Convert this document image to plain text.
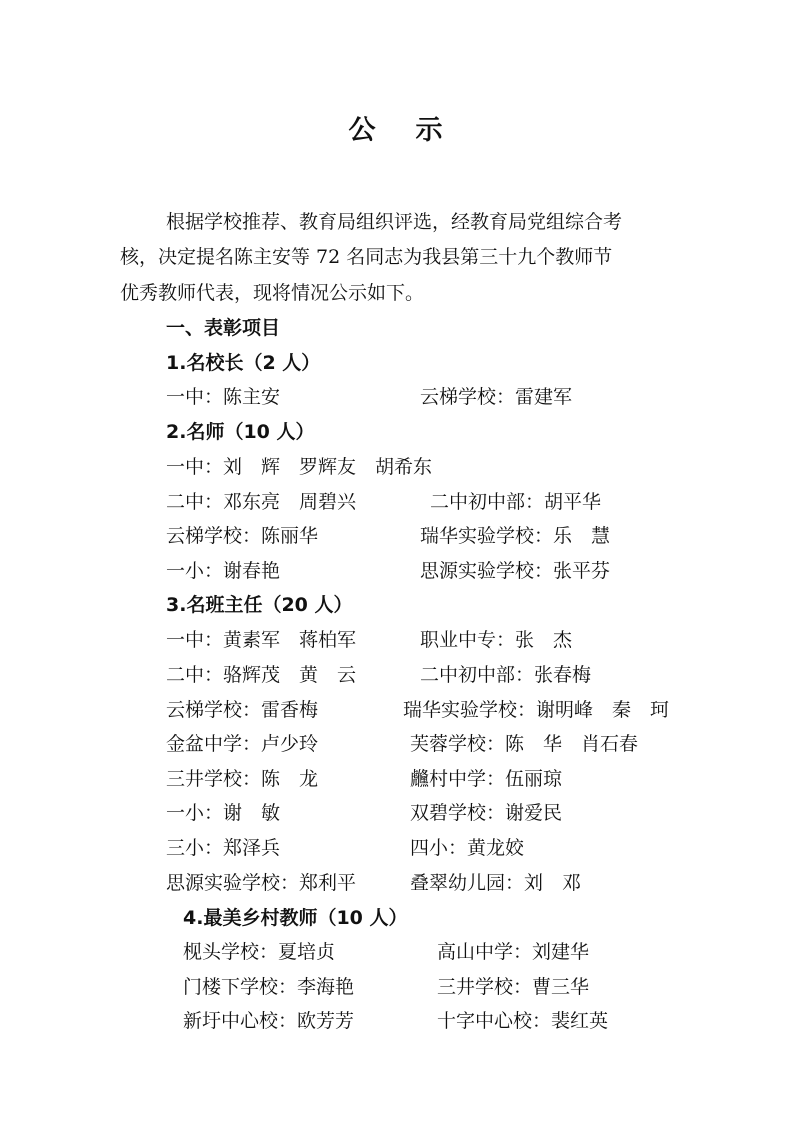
公 示
根据学校推荐、教育局组织评选，经教育局党组综合考
核，决定提名陈主安等 72 名同志为我县第三十九个教师节
优秀教师代表，现将情况公示如下。
一、表彰项目
1.名校长（2 人）
一中：陈主安	云梯学校：雷建军
2.名师（10 人）
一中：刘　辉　罗辉友　胡希东
二中：邓东亮　周碧兴	二中初中部：胡平华
云梯学校：陈丽华	瑞华实验学校：乐　慧
一小：谢春艳	思源实验学校：张平芬
3.名班主任（20 人）
一中：黄素军　蒋柏军	职业中专：张　杰
二中：骆辉茂　黄　云	二中初中部：张春梅
云梯学校：雷香梅	瑞华实验学校：谢明峰　秦　珂
金盆中学：卢少玲	芙蓉学校：陈　华　肖石春
三井学校：陈　龙	虪村中学：伍丽琼
一小：谢　敏	双碧学校：谢爱民
三小：郑泽兵	四小：黄龙姣
思源实验学校：郑利平	叠翠幼儿园：刘　邓
4.最美乡村教师（10 人）
枧头学校：夏培贞	高山中学：刘建华
门楼下学校：李海艳	三井学校：曹三华
新圩中心校：欧芳芳	十字中心校：裴红英
